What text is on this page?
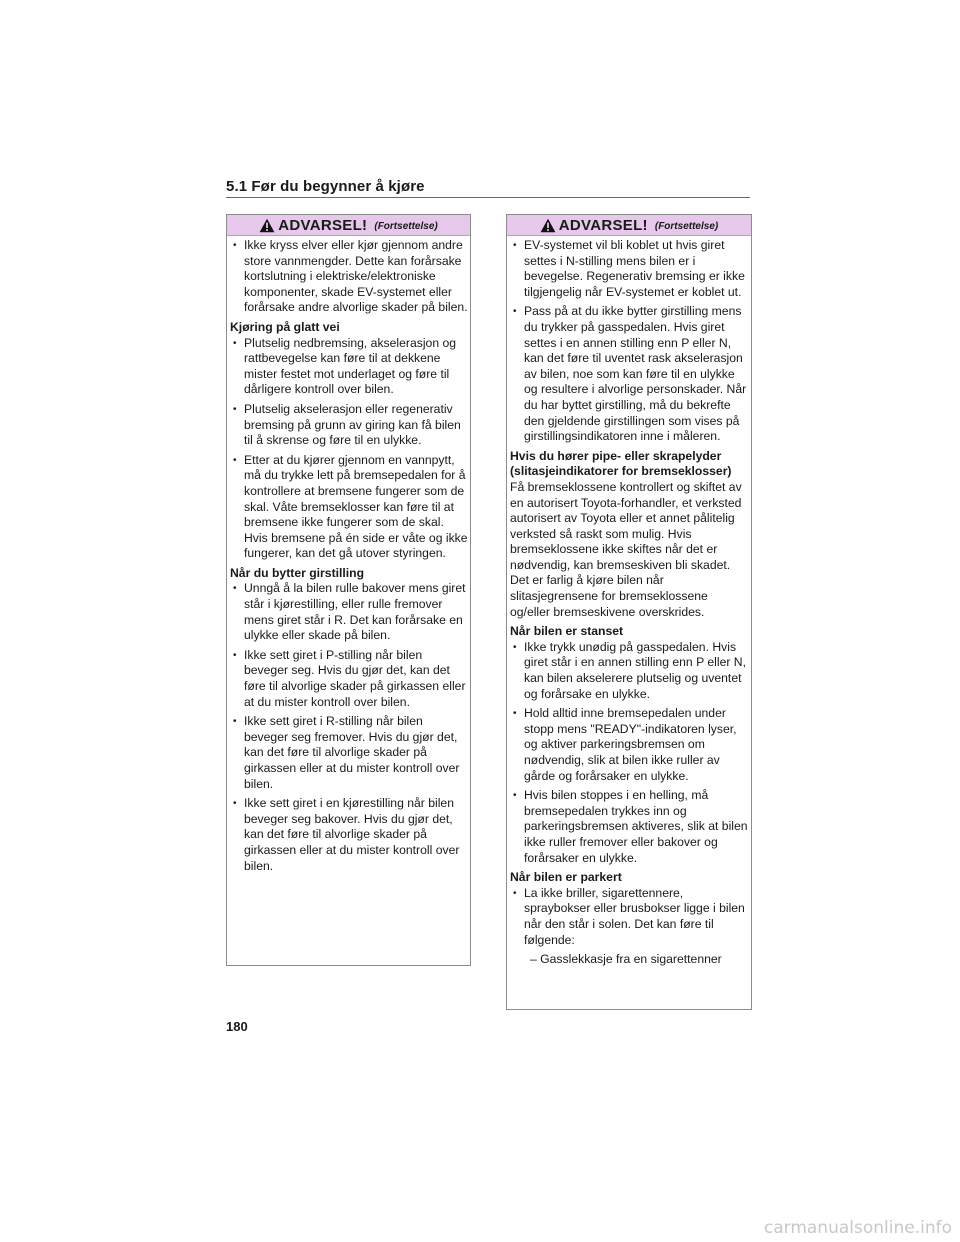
5.1 Før du begynner å kjøre
ADVARSEL! (Fortsettelse)
• Ikke kryss elver eller kjør gjennom andre store vannmengder. Dette kan forårsake kortslutning i elektriske/elektroniske komponenter, skade EV-systemet eller forårsake andre alvorlige skader på bilen.
Kjøring på glatt vei
• Plutselig nedbremsing, akselerasjon og rattbevegelse kan føre til at dekkene mister festet mot underlaget og føre til dårligere kontroll over bilen.
• Plutselig akselerasjon eller regenerativ bremsing på grunn av giring kan få bilen til å skrense og føre til en ulykke.
• Etter at du kjører gjennom en vannpytt, må du trykke lett på bremsepedalen for å kontrollere at bremsene fungerer som de skal. Våte bremseklosser kan føre til at bremsene ikke fungerer som de skal. Hvis bremsene på én side er våte og ikke fungerer, kan det gå utover styringen.
Når du bytter girstilling
• Unngå å la bilen rulle bakover mens giret står i kjørestilling, eller rulle fremover mens giret står i R. Det kan forårsake en ulykke eller skade på bilen.
• Ikke sett giret i P-stilling når bilen beveger seg. Hvis du gjør det, kan det føre til alvorlige skader på girkassen eller at du mister kontroll over bilen.
• Ikke sett giret i R-stilling når bilen beveger seg fremover. Hvis du gjør det, kan det føre til alvorlige skader på girkassen eller at du mister kontroll over bilen.
• Ikke sett giret i en kjørestilling når bilen beveger seg bakover. Hvis du gjør det, kan det føre til alvorlige skader på girkassen eller at du mister kontroll over bilen.
ADVARSEL! (Fortsettelse)
• EV-systemet vil bli koblet ut hvis giret settes i N-stilling mens bilen er i bevegelse. Regenerativ bremsing er ikke tilgjengelig når EV-systemet er koblet ut.
• Pass på at du ikke bytter girstilling mens du trykker på gasspedalen. Hvis giret settes i en annen stilling enn P eller N, kan det føre til uventet rask akselerasjon av bilen, noe som kan føre til en ulykke og resultere i alvorlige personskader. Når du har byttet girstilling, må du bekrefte den gjeldende girstillingen som vises på girstillingsindikatoren inne i måleren.
Hvis du hører pipe- eller skrapelyder (slitasjeindikatorer for bremseklosser)
Få bremseklossene kontrollert og skiftet av en autorisert Toyota-forhandler, et verksted autorisert av Toyota eller et annet pålitelig verksted så raskt som mulig. Hvis bremseklossene ikke skiftes når det er nødvendig, kan bremseskiven bli skadet. Det er farlig å kjøre bilen når slitasjegrensene for bremseklossene og/eller bremseskivene overskrides.
Når bilen er stanset
• Ikke trykk unødig på gasspedalen. Hvis giret står i en annen stilling enn P eller N, kan bilen akselerere plutselig og uventet og forårsake en ulykke.
• Hold alltid inne bremsepedalen under stopp mens "READY"-indikatoren lyser, og aktiver parkeringsbremsen om nødvendig, slik at bilen ikke ruller av gårde og forårsaker en ulykke.
• Hvis bilen stoppes i en helling, må bremsepedalen trykkes inn og parkeringsbremsen aktiveres, slik at bilen ikke ruller fremover eller bakover og forårsaker en ulykke.
Når bilen er parkert
• La ikke briller, sigarettennere, spraybokser eller brusbokser ligge i bilen når den står i solen. Det kan føre til følgende:
– Gasslekkasje fra en sigarettenner
180
carmanualsonline.info
